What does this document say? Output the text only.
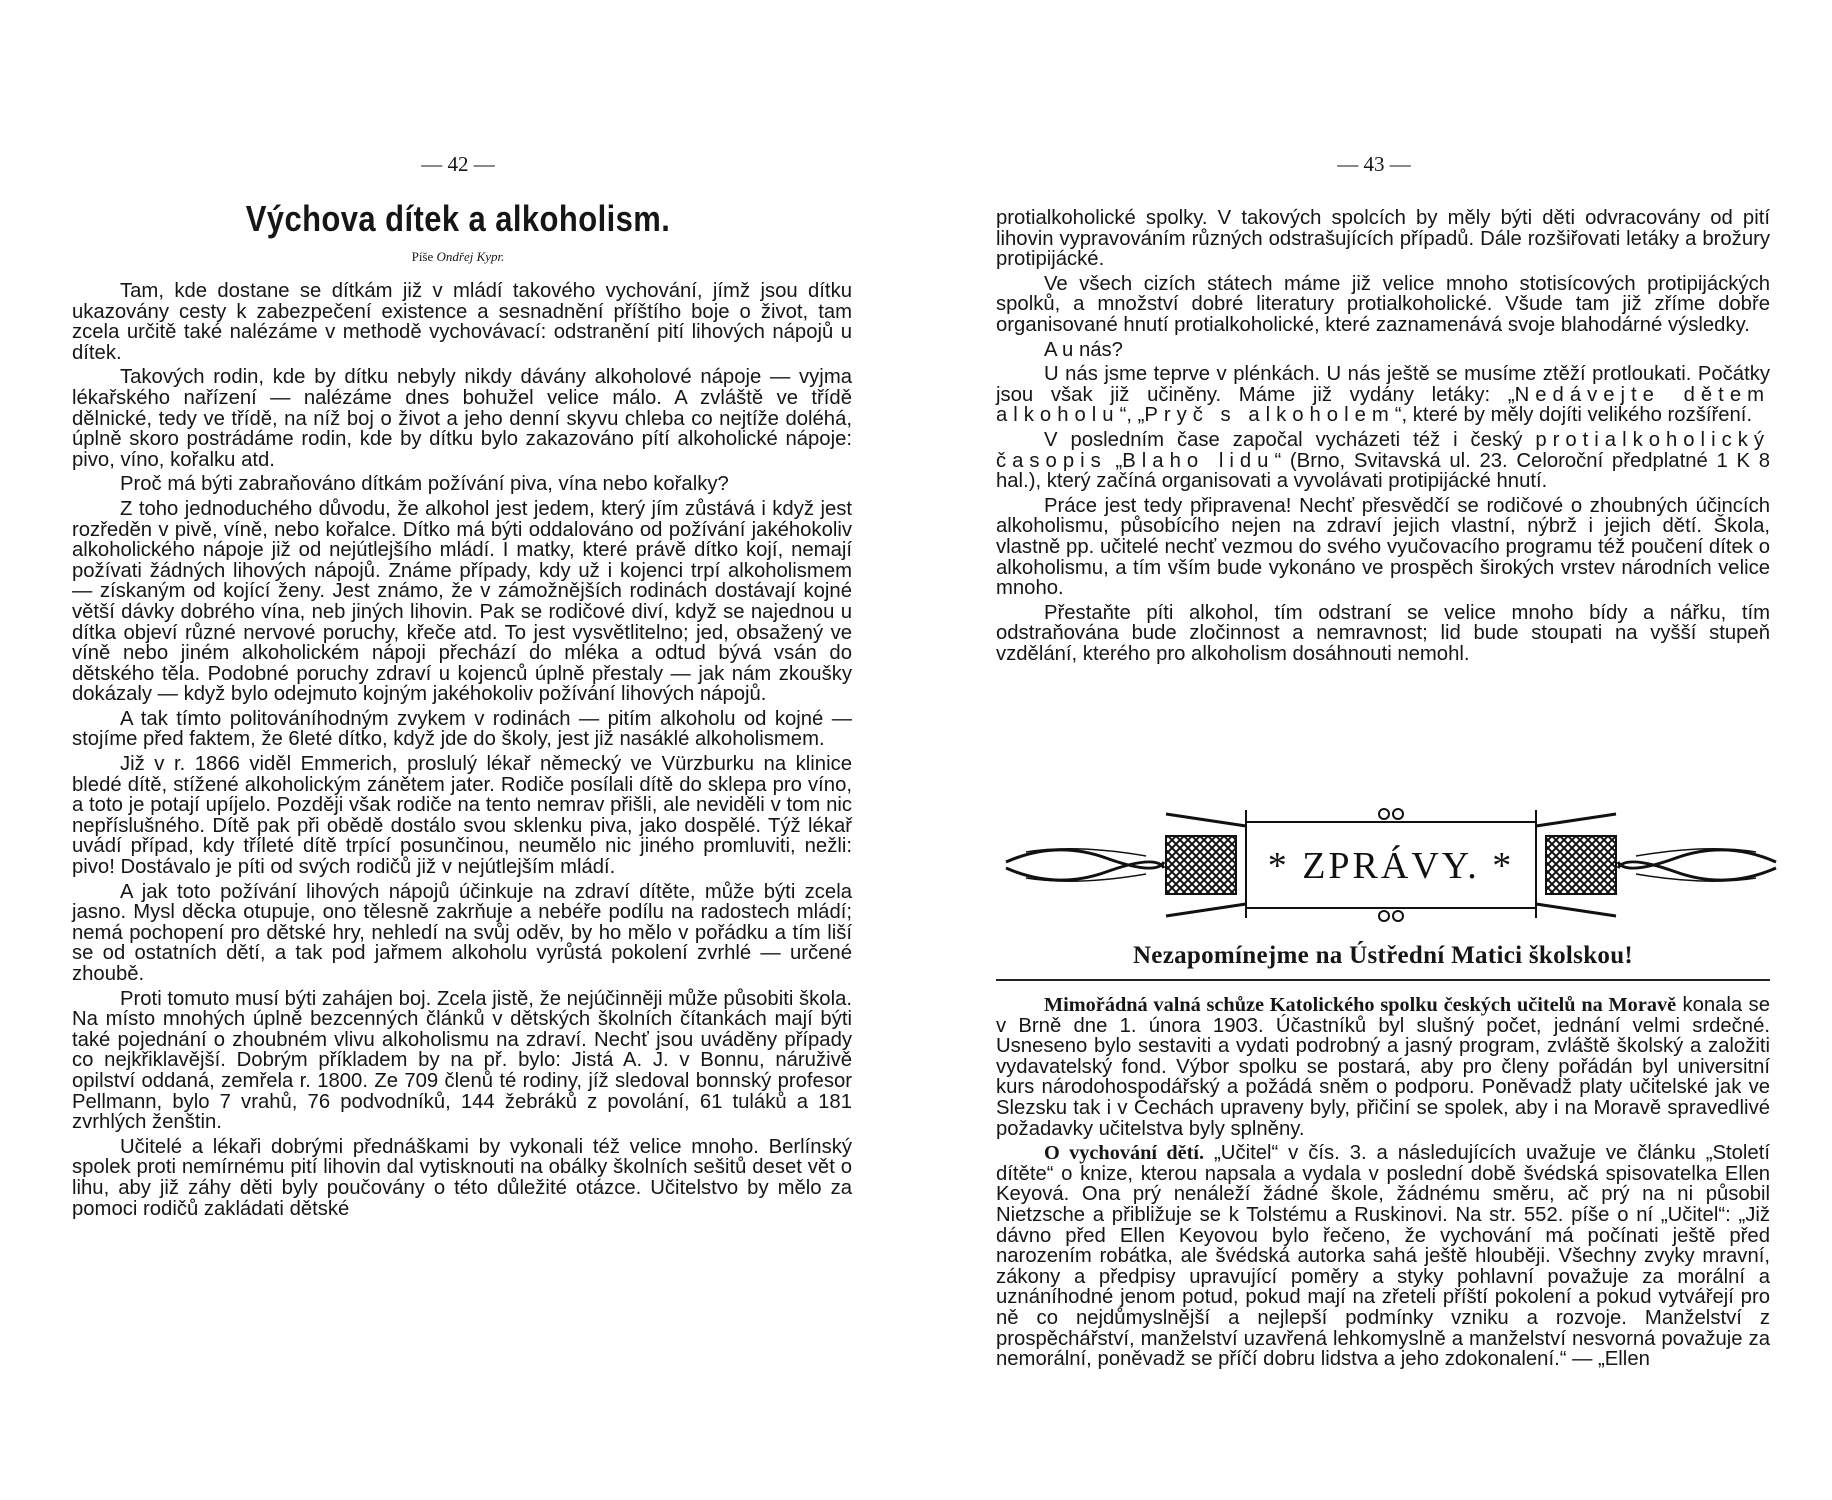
— 42 —
Výchova dítek a alkoholism.
Píše Ondřej Kypr.

Tam, kde dostane se dítkám již v mládí takového vychování, jímž jsou dítku ukazovány cesty k zabezpečení existence a sesnadnění příštího boje o život, tam zcela určitě také nalézáme v methodě vychovávací: odstranění pití lihových nápojů u dítek.

Takových rodin, kde by dítku nebyly nikdy dávány alkoholové nápoje — vyjma lékařského nařízení — nalézáme dnes bohužel velice málo. A zvláště ve třídě dělnické, tedy ve třídě, na níž boj o život a jeho denní skyvu chleba co nejtíže doléhá, úplně skoro postrádáme rodin, kde by dítku bylo zakazováno pítí alkoholické nápoje: pivo, víno, kořalku atd.

Proč má býti zabraňováno dítkám požívání piva, vína nebo kořalky?

Z toho jednoduchého důvodu, že alkohol jest jedem, který jím zůstává i když jest rozředěn v pivě, víně, nebo kořalce. Dítko má býti oddalováno od požívání jakéhokoliv alkoholického nápoje již od nejútlejšího mládí. I matky, které právě dítko kojí, nemají požívati žádných lihových nápojů. Známe případy, kdy už i kojenci trpí alkoholismem — získaným od kojící ženy. Jest známo, že v zámožnějších rodinách dostávají kojné větší dávky dobrého vína, neb jiných lihovin. Pak se rodičové diví, když se najednou u dítka objeví různé nervové poruchy, křeče atd. To jest vysvětlitelno; jed, obsažený ve víně nebo jiném alkoholickém nápoji přechází do mléka a odtud bývá vsán do dětského těla. Podobné poruchy zdraví u kojenců úplně přestaly — jak nám zkoušky dokázaly — když bylo odejmuto kojným jakéhokoliv požívání lihových nápojů.

A tak tímto politováníhodným zvykem v rodinách — pitím alkoholu od kojné — stojíme před faktem, že 6leté dítko, když jde do školy, jest již nasáklé alkoholismem.

Již v r. 1866 viděl Emmerich, proslulý lékař německý ve Vürzburku na klinice bledé dítě, stížené alkoholickým zánětem jater. Rodiče posílali dítě do sklepa pro víno, a toto je potají upíjelo. Později však rodiče na tento nemrav přišli, ale neviděli v tom nic nepříslušného. Dítě pak při obědě dostálo svou sklenku piva, jako dospělé. Týž lékař uvádí případ, kdy tříleté dítě trpící posunčinou, neumělo nic jiného promluviti, nežli: pivo! Dostávalo je píti od svých rodičů již v nejútlejším mládí.

A jak toto požívání lihových nápojů účinkuje na zdraví dítěte, může býti zcela jasno. Mysl děcka otupuje, ono tělesně zakrňuje a nebéře podílu na radostech mládí; nemá pochopení pro dětské hry, nehledí na svůj oděv, by ho mělo v pořádku a tím liší se od ostatních dětí, a tak pod jařmem alkoholu vyrůstá pokolení zvrhlé — určené zhoubě.

Proti tomuto musí býti zahájen boj. Zcela jistě, že nejúčinněji může působiti škola. Na místo mnohých úplně bezcenných článků v dětských školních čítankách mají býti také pojednání o zhoubném vlivu alkoholismu na zdraví. Nechť jsou uváděny případy co nejkřiklavější. Dobrým příkladem by na př. bylo: Jistá A. J. v Bonnu, náruživě opilství oddaná, zemřela r. 1800. Ze 709 členů té rodiny, jíž sledoval bonnský profesor Pellmann, bylo 7 vrahů, 76 podvodníků, 144 žebráků z povolání, 61 tuláků a 181 zvrhlých ženštin.

Učitelé a lékaři dobrými přednáškami by vykonali též velice mnoho. Berlínský spolek proti nemírnému pití lihovin dal vytisknouti na obálky školních sešitů deset vět o lihu, aby již záhy děti byly poučovány o této důležité otázce. Učitelstvo by mělo za pomoci rodičů zakládati dětské

— 43 —

protialkoholické spolky. V takových spolcích by měly býti děti odvracovány od pití lihovin vypravováním různých odstrašujících případů. Dále rozšiřovati letáky a brožury protipijácké.

Ve všech cizích státech máme již velice mnoho stotisícových protipijáckých spolků, a množství dobré literatury protialkoholické. Všude tam již zříme dobře organisované hnutí protialkoholické, které zaznamenává svoje blahodárné výsledky.

A u nás?

U nás jsme teprve v plénkách. U nás ještě se musíme ztěží protloukati. Počátky jsou však již učiněny. Máme již vydány letáky: „Nedávejte dětem alkoholu“, „Pryč s alkoholem“, které by měly dojíti velikého rozšíření.

V posledním čase započal vycházeti též i český protialkoholický časopis „Blaho lidu“ (Brno, Svitavská ul. 23. Celoroční předplatné 1 K 8 hal.), který začíná organisovati a vyvolávati protipijácké hnutí.

Práce jest tedy připravena! Nechť přesvědčí se rodičové o zhoubných účincích alkoholismu, působícího nejen na zdraví jejich vlastní, nýbrž i jejich dětí. Škola, vlastně pp. učitelé nechť vezmou do svého vyučovacího programu též poučení dítek o alkoholismu, a tím vším bude vykonáno ve prospěch širokých vrstev národních velice mnoho.

Přestaňte píti alkohol, tím odstraní se velice mnoho bídy a nářku, tím odstraňována bude zločinnost a nemravnost; lid bude stoupati na vyšší stupeň vzdělání, kterého pro alkoholism dosáhnouti nemohl.

* ZPRÁVY. *
Nezapomínejme na Ústřední Matici školskou!

Mimořádná valná schůze Katolického spolku českých učitelů na Moravě konala se v Brně dne 1. února 1903. Účastníků byl slušný počet, jednání velmi srdečné. Usneseno bylo sestaviti a vydati podrobný a jasný program, zvláště školský a založiti vydavatelský fond. Výbor spolku se postará, aby pro členy pořádán byl universitní kurs národohospodářský a požádá sněm o podporu. Poněvadž platy učitelské jak ve Slezsku tak i v Čechách upraveny byly, přičiní se spolek, aby i na Moravě spravedlivé požadavky učitelstva byly splněny.

O vychování dětí. „Učitel“ v čís. 3. a následujících uvažuje ve článku „Století dítěte“ o knize, kterou napsala a vydala v poslední době švédská spisovatelka Ellen Keyová. Ona prý nenáleží žádné škole, žádnému směru, ač prý na ni působil Nietzsche a přibližuje se k Tolstému a Ruskinovi. Na str. 552. píše o ní „Učitel“: „Již dávno před Ellen Keyovou bylo řečeno, že vychování má počínati ještě před narozením robátka, ale švédská autorka sahá ještě hlouběji. Všechny zvyky mravní, zákony a předpisy upravující poměry a styky pohlavní považuje za morální a uznáníhodné jenom potud, pokud mají na zřeteli příští pokolení a pokud vytvářejí pro ně co nejdůmyslnější a nejlepší podmínky vzniku a rozvoje. Manželství z prospěchářství, manželství uzavřená lehkomyslně a manželství nesvorná považuje za nemorální, poněvadž se příčí dobru lidstva a jeho zdokonalení.“ — „Ellen
